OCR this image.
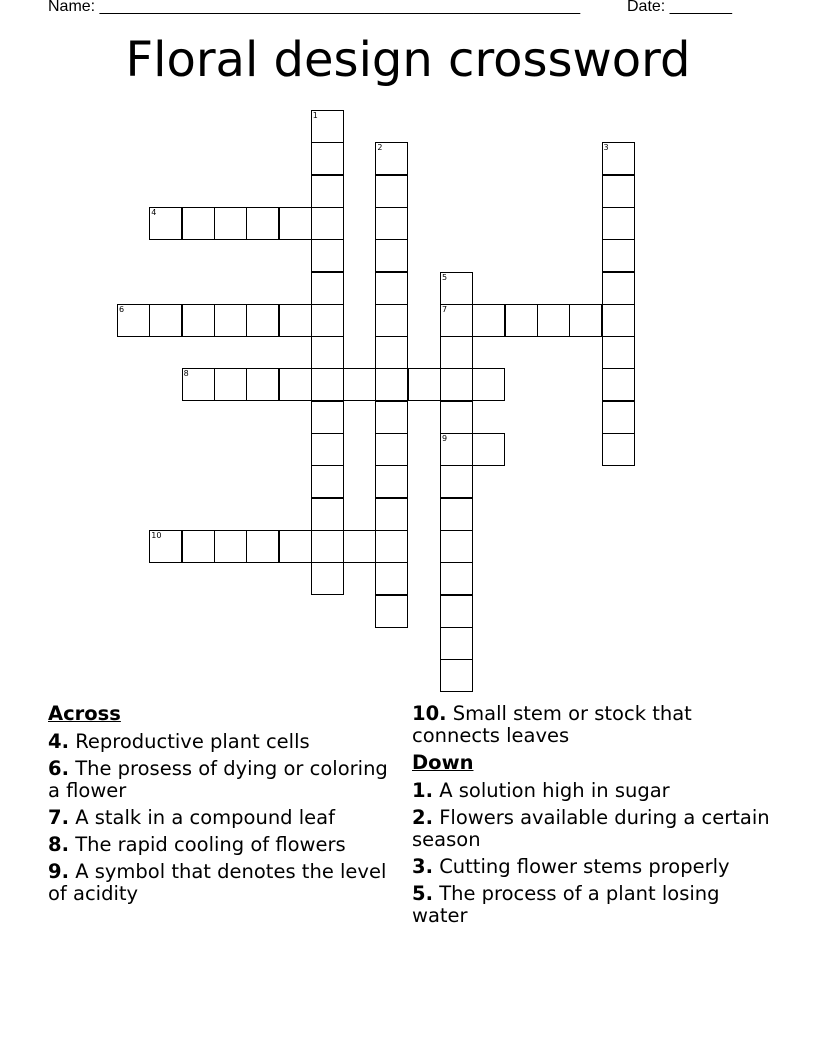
Name: ______________________________________________________	Date: _______
Floral design crossword
1
2	3
4
5
7
9
6
8
10
Across
4. Reproductive plant cells
6. The prosess of dying or coloring a flower
7. A stalk in a compound leaf
8. The rapid cooling of flowers
9. A symbol that denotes the level of acidity
10. Small stem or stock that connects leaves
Down
1. A solution high in sugar
2. Flowers available during a certain season
3. Cutting flower stems properly
5. The process of a plant losing water
